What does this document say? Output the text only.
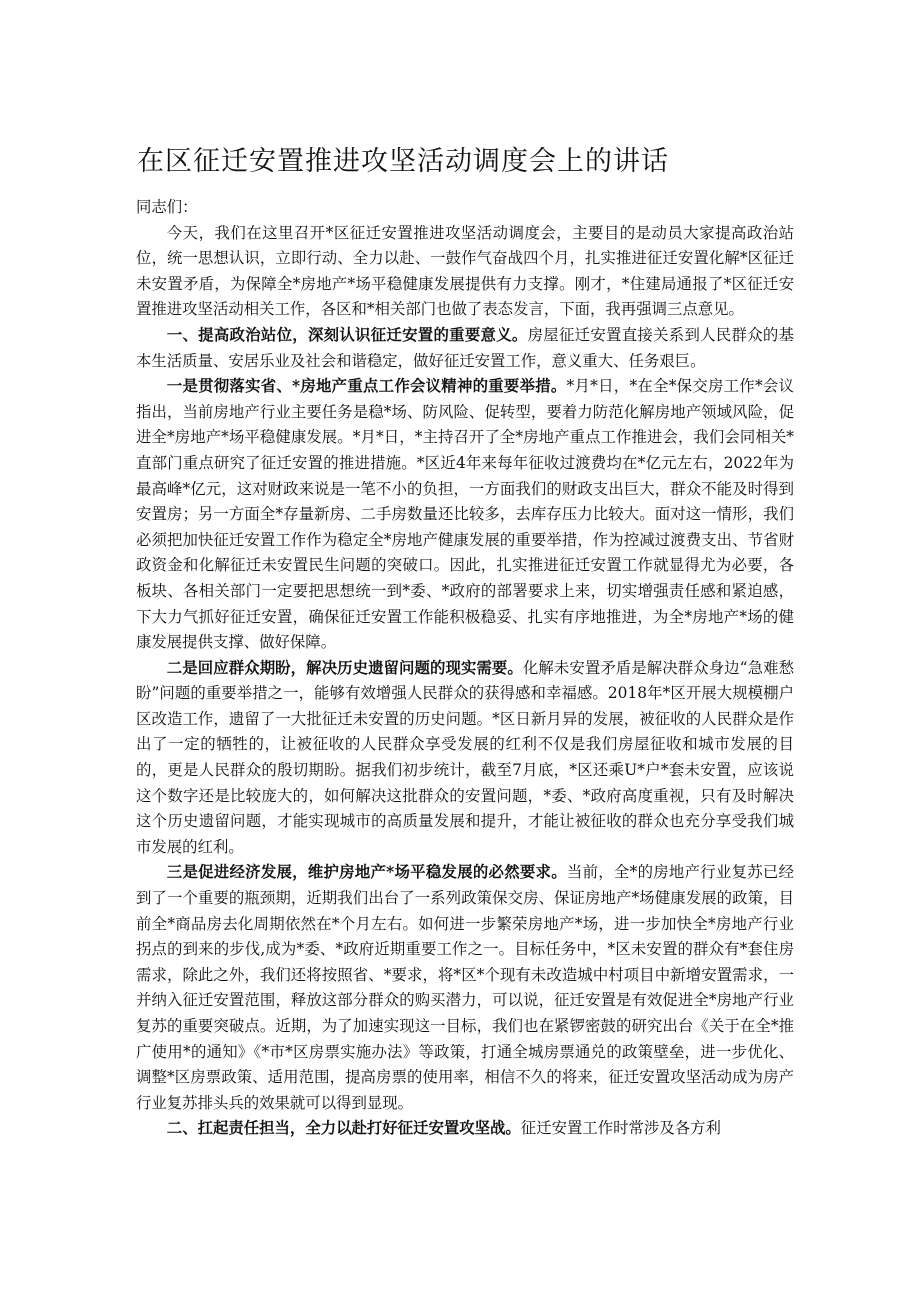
在区征迁安置推进攻坚活动调度会上的讲话

同志们：

今天，我们在这里召开*区征迁安置推进攻坚活动调度会，主要目的是动员大家提高政治站位，统一思想认识，立即行动、全力以赴、一鼓作气奋战四个月，扎实推进征迁安置化解*区征迁未安置矛盾，为保障全*房地产*场平稳健康发展提供有力支撑。刚才，*住建局通报了*区征迁安置推进攻坚活动相关工作，各区和*相关部门也做了表态发言，下面，我再强调三点意见。

一、提高政治站位，深刻认识征迁安置的重要意义。房屋征迁安置直接关系到人民群众的基本生活质量、安居乐业及社会和谐稳定，做好征迁安置工作，意义重大、任务艰巨。

一是贯彻落实省、*房地产重点工作会议精神的重要举措。*月*日，*在全*保交房工作*会议指出，当前房地产行业主要任务是稳*场、防风险、促转型，要着力防范化解房地产领域风险，促进全*房地产*场平稳健康发展。*月*日，*主持召开了全*房地产重点工作推进会，我们会同相关*直部门重点研究了征迁安置的推进措施。*区近4年来每年征收过渡费均在*亿元左右，2022年为最高峰*亿元，这对财政来说是一笔不小的负担，一方面我们的财政支出巨大，群众不能及时得到安置房；另一方面全*存量新房、二手房数量还比较多，去库存压力比较大。面对这一情形，我们必须把加快征迁安置工作作为稳定全*房地产健康发展的重要举措，作为控减过渡费支出、节省财政资金和化解征迁未安置民生问题的突破口。因此，扎实推进征迁安置工作就显得尤为必要，各板块、各相关部门一定要把思想统一到*委、*政府的部署要求上来，切实增强责任感和紧迫感，下大力气抓好征迁安置，确保征迁安置工作能积极稳妥、扎实有序地推进，为全*房地产*场的健康发展提供支撑、做好保障。

二是回应群众期盼，解决历史遗留问题的现实需要。化解未安置矛盾是解决群众身边“急难愁盼”问题的重要举措之一，能够有效增强人民群众的获得感和幸福感。2018年*区开展大规模棚户区改造工作，遗留了一大批征迁未安置的历史问题。*区日新月异的发展，被征收的人民群众是作出了一定的牺牲的，让被征收的人民群众享受发展的红利不仅是我们房屋征收和城市发展的目的，更是人民群众的殷切期盼。据我们初步统计，截至7月底，*区还乘U*户*套未安置，应该说这个数字还是比较庞大的，如何解决这批群众的安置问题，*委、*政府高度重视，只有及时解决这个历史遗留问题，才能实现城市的高质量发展和提升，才能让被征收的群众也充分享受我们城市发展的红利。

三是促进经济发展，维护房地产*场平稳发展的必然要求。当前，全*的房地产行业复苏已经到了一个重要的瓶颈期，近期我们出台了一系列政策保交房、保证房地产*场健康发展的政策，目前全*商品房去化周期依然在*个月左右。如何进一步繁荣房地产*场，进一步加快全*房地产行业拐点的到来的步伐,成为*委、*政府近期重要工作之一。目标任务中，*区未安置的群众有*套住房需求，除此之外，我们还将按照省、*要求，将*区*个现有未改造城中村项目中新增安置需求，一并纳入征迁安置范围，释放这部分群众的购买潜力，可以说，征迁安置是有效促进全*房地产行业复苏的重要突破点。近期，为了加速实现这一目标，我们也在紧锣密鼓的研究出台《关于在全*推广使用*的通知》《*市*区房票实施办法》等政策，打通全城房票通兑的政策壁垒，进一步优化、调整*区房票政策、适用范围，提高房票的使用率，相信不久的将来，征迁安置攻坚活动成为房产行业复苏排头兵的效果就可以得到显现。

二、扛起责任担当，全力以赴打好征迁安置攻坚战。征迁安置工作时常涉及各方利
